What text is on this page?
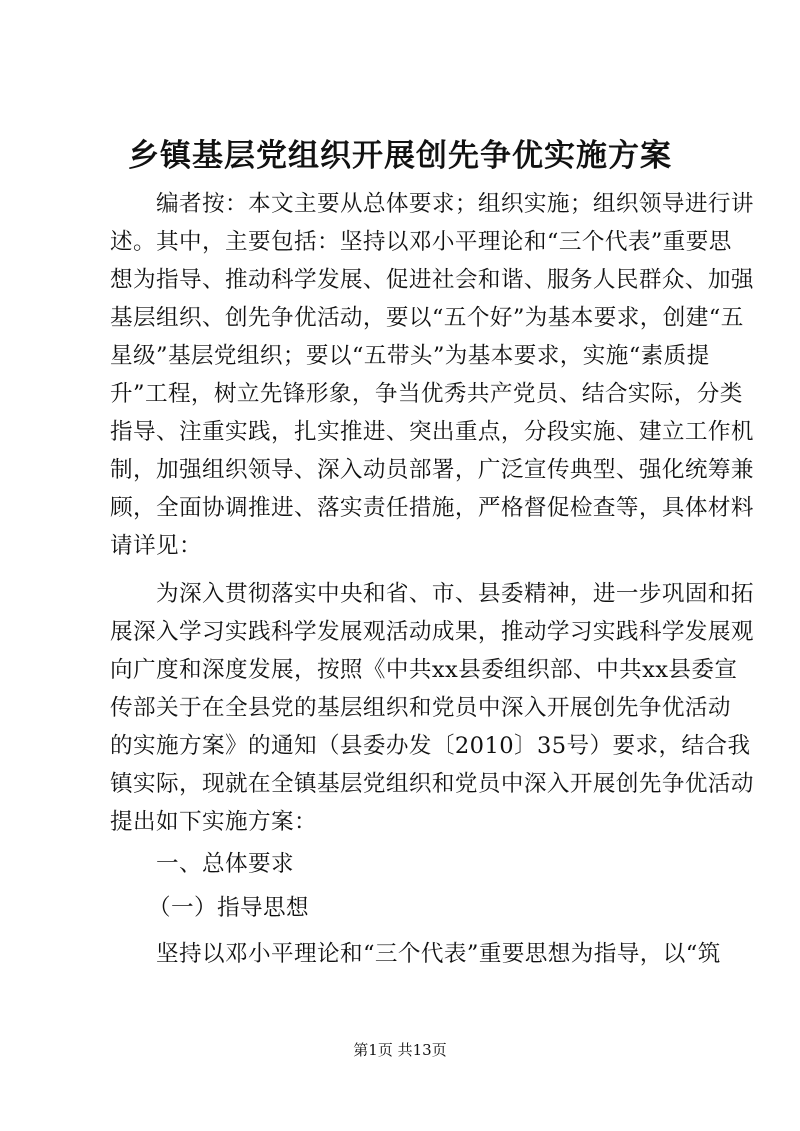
乡镇基层党组织开展创先争优实施方案
编者按：本文主要从总体要求；组织实施；组织领导进行讲
述。其中，主要包括：坚持以邓小平理论和“三个代表”重要思
想为指导、推动科学发展、促进社会和谐、服务人民群众、加强
基层组织、创先争优活动，要以“五个好”为基本要求，创建“五
星级”基层党组织；要以“五带头”为基本要求，实施“素质提
升”工程，树立先锋形象，争当优秀共产党员、结合实际，分类
指导、注重实践，扎实推进、突出重点，分段实施、建立工作机
制，加强组织领导、深入动员部署，广泛宣传典型、强化统筹兼
顾，全面协调推进、落实责任措施，严格督促检查等，具体材料
请详见：
为深入贯彻落实中央和省、市、县委精神，进一步巩固和拓
展深入学习实践科学发展观活动成果，推动学习实践科学发展观
向广度和深度发展，按照《中共xx县委组织部、中共xx县委宣
传部关于在全县党的基层组织和党员中深入开展创先争优活动
的实施方案》的通知（县委办发〔2010〕35号）要求，结合我
镇实际，现就在全镇基层党组织和党员中深入开展创先争优活动
提出如下实施方案：
一、总体要求
（一）指导思想
坚持以邓小平理论和“三个代表”重要思想为指导，以“筑
第1页 共13页
